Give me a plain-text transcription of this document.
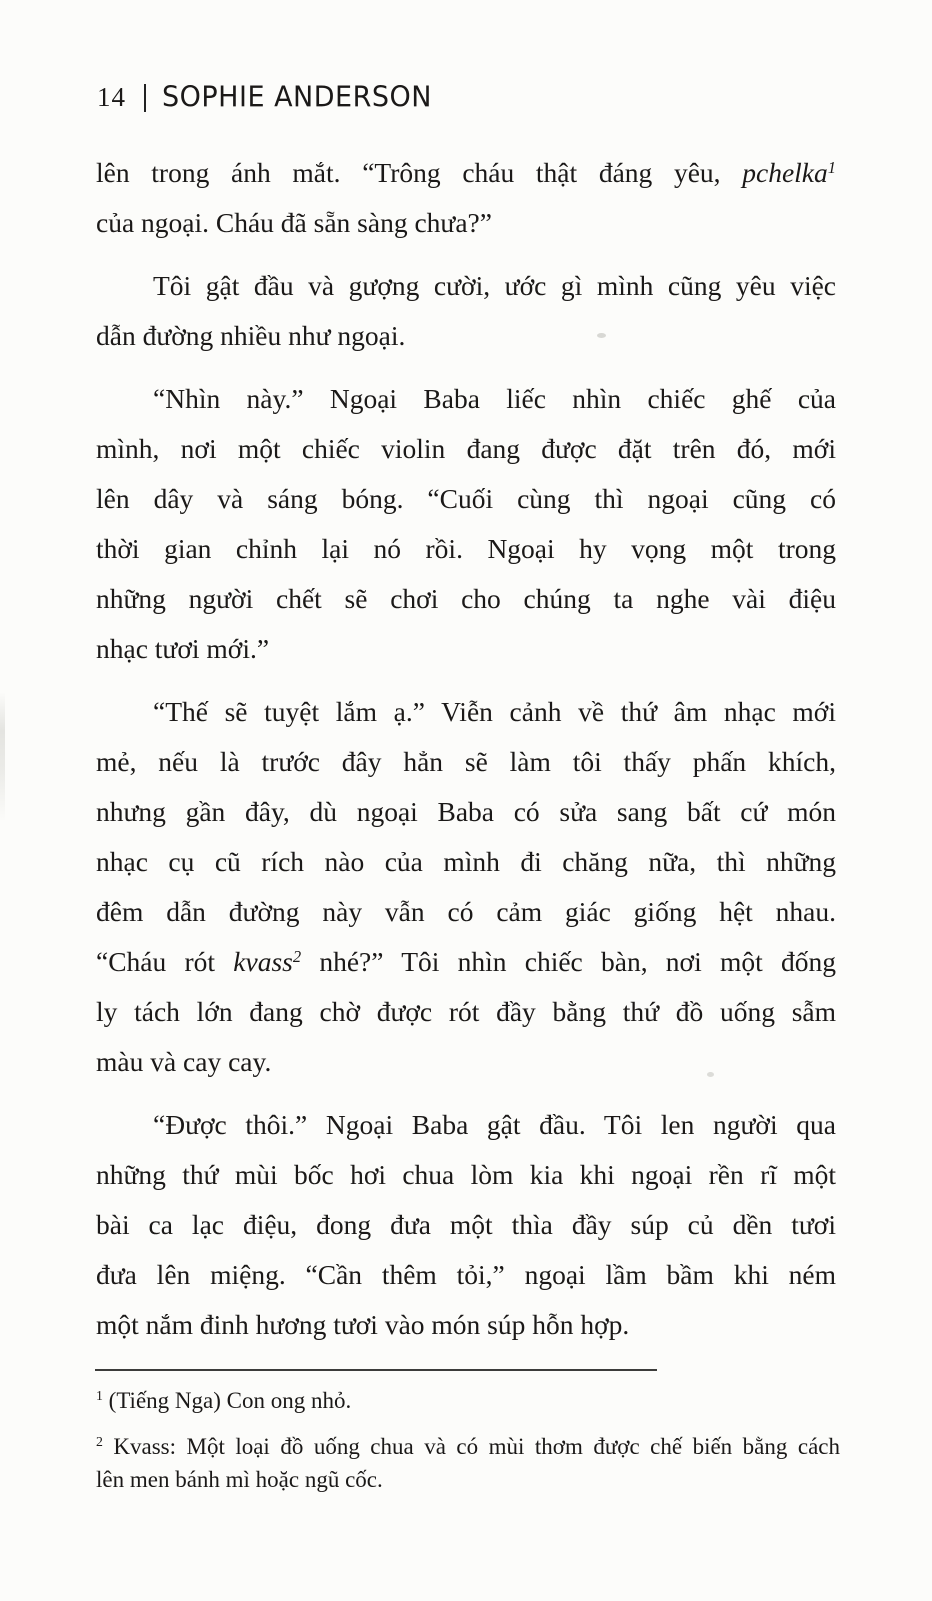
14 SOPHIE ANDERSON
lên trong ánh mắt. “Trông cháu thật đáng yêu, pchelka$^1$
của ngoại. Cháu đã sẵn sàng chưa?”
Tôi gật đầu và gượng cười, ước gì mình cũng yêu việc
dẫn đường nhiều như ngoại.
“Nhìn này.” Ngoại Baba liếc nhìn chiếc ghế của
mình, nơi một chiếc violin đang được đặt trên đó, mới
lên dây và sáng bóng. “Cuối cùng thì ngoại cũng có
thời gian chỉnh lại nó rồi. Ngoại hy vọng một trong
những người chết sẽ chơi cho chúng ta nghe vài điệu
nhạc tươi mới.”
“Thế sẽ tuyệt lắm ạ.” Viễn cảnh về thứ âm nhạc mới
mẻ, nếu là trước đây hẳn sẽ làm tôi thấy phấn khích,
nhưng gần đây, dù ngoại Baba có sửa sang bất cứ món
nhạc cụ cũ rích nào của mình đi chăng nữa, thì những
đêm dẫn đường này vẫn có cảm giác giống hệt nhau.
“Cháu rót kvass$^2$ nhé?” Tôi nhìn chiếc bàn, nơi một đống
ly tách lớn đang chờ được rót đầy bằng thứ đồ uống sẫm
màu và cay cay.
“Được thôi.” Ngoại Baba gật đầu. Tôi len người qua
những thứ mùi bốc hơi chua lòm kia khi ngoại rền rĩ một
bài ca lạc điệu, đong đưa một thìa đầy súp củ dền tươi
đưa lên miệng. “Cần thêm tỏi,” ngoại lầm bầm khi ném
một nắm đinh hương tươi vào món súp hỗn hợp.
$^1$ (Tiếng Nga) Con ong nhỏ.
$^2$ Kvass: Một loại đồ uống chua và có mùi thơm được chế biến bằng cách
lên men bánh mì hoặc ngũ cốc.
